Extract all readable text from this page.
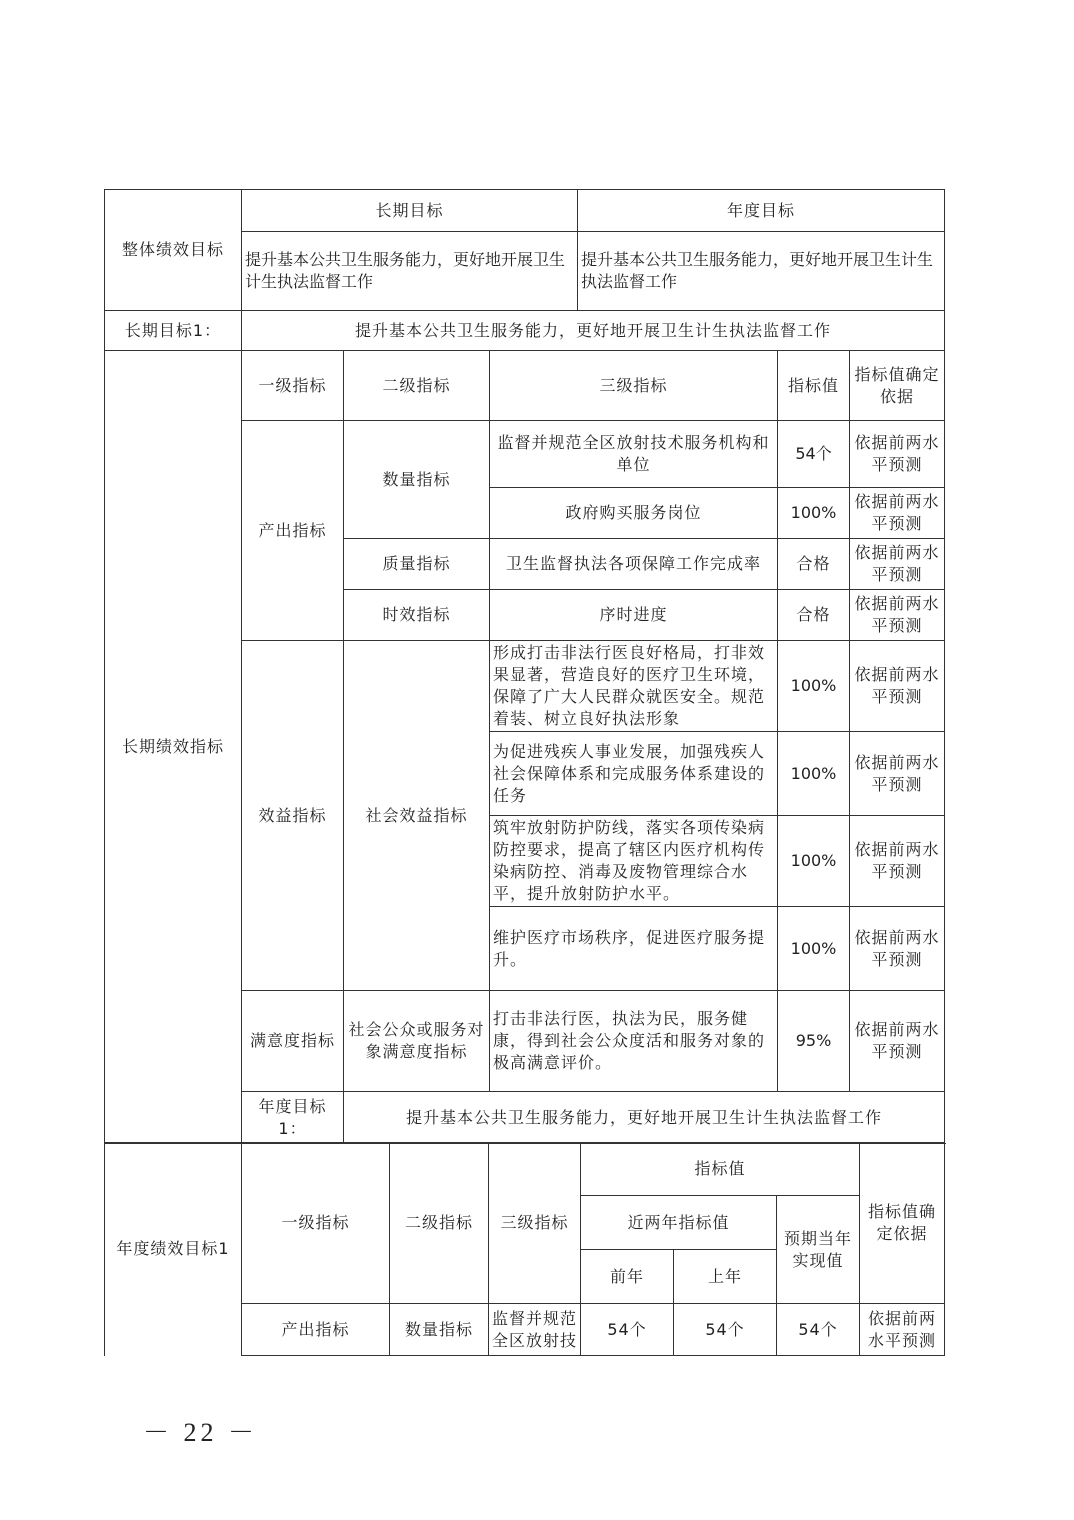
整体绩效目标	长期目标			年度目标		
	提升基本公共卫生服务能力，更好地开展卫生计生执法监督工作			提升基本公共卫生服务能力，更好地开展卫生计生执法监督工作		
长期目标1：	提升基本公共卫生服务能力，更好地开展卫生计生执法监督工作					
长期绩效指标	一级指标	二级指标	三级指标		指标值	指标值确定依据
	产出指标	数量指标	监督并规范全区放射技术服务机构和单位		54个	依据前两水平预测
			政府购买服务岗位		100%	依据前两水平预测
		质量指标	卫生监督执法各项保障工作完成率		合格	依据前两水平预测
		时效指标	序时进度		合格	依据前两水平预测
	效益指标	社会效益指标	形成打击非法行医良好格局，打非效果显著，营造良好的医疗卫生环境，保障了广大人民群众就医安全。规范着装、树立良好执法形象		100%	依据前两水平预测
			为促进残疾人事业发展，加强残疾人社会保障体系和完成服务体系建设的任务		100%	依据前两水平预测
			筑牢放射防护防线，落实各项传染病防控要求，提高了辖区内医疗机构传染病防控、消毒及废物管理综合水平，提升放射防护水平。		100%	依据前两水平预测
			维护医疗市场秩序，促进医疗服务提升。		100%	依据前两水平预测
	满意度指标	社会公众或服务对象满意度指标	打击非法行医，执法为民，服务健康，得到社会公众度活和服务对象的极高满意评价。		95%	依据前两水平预测
	年度目标1：	提升基本公共卫生服务能力，更好地开展卫生计生执法监督工作				
年度绩效目标1	一级指标	二级指标	三级指标	指标值			指标值确定依据
				近两年指标值		预期当年实现值	
				前年	上年		
	产出指标	数量指标	监督并规范全区放射技	54个	54个	54个	依据前两水平预测
－ 22 －
